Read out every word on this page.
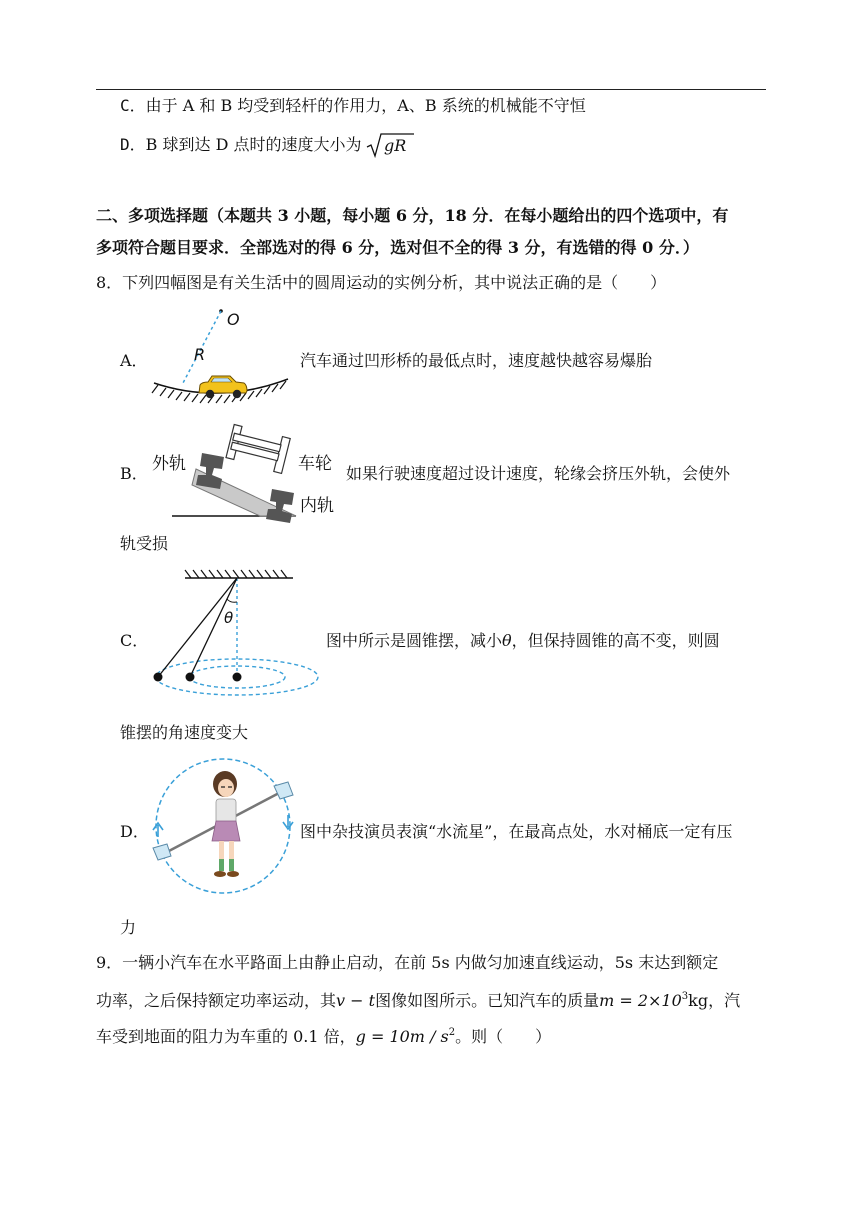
C．由于 A 和 B 均受到轻杆的作用力，A、B 系统的机械能不守恒
D．B 球到达 D 点时的速度大小为 gR
二、多项选择题（本题共 3 小题，每小题 6 分，18 分．在每小题给出的四个选项中，有
多项符合题目要求．全部选对的得 6 分，选对但不全的得 3 分，有选错的得 0 分．）
8．下列四幅图是有关生活中的圆周运动的实例分析，其中说法正确的是（　　）
A．
O
R	汽车通过凹形桥的最低点时，速度越快越容易爆胎
B． 外轨	车轮
内轨
如果行驶速度超过设计速度，轮缘会挤压外轨，会使外
轨受损
C．
θ
图中所示是圆锥摆，减小θ，但保持圆锥的高不变，则圆
锥摆的角速度变大
D．	图中杂技演员表演“水流星”，在最高点处，水对桶底一定有压
力
9．一辆小汽车在水平路面上由静止启动，在前 5s 内做匀加速直线运动，5s 末达到额定
功率，之后保持额定功率运动，其v − t图像如图所示。已知汽车的质量$m = 2\times 10^3kg$，汽
车受到地面的阻力为车重的 0.1 倍，$g = 10m / s^2$。则（　　）
